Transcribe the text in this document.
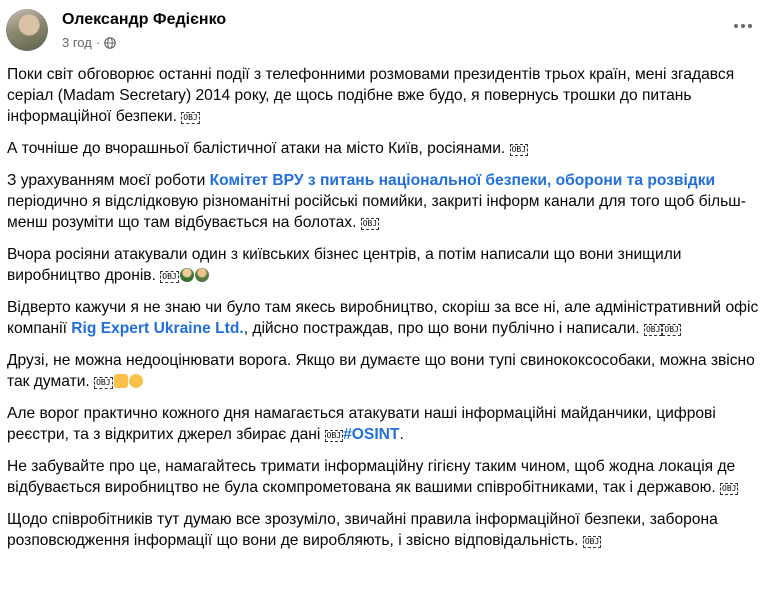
Олександр Федієнко
3 год ·

Поки світ обговорює останні події з телефонними розмовами президентів трьох країн, мені згадався серіал (Madam Secretary) 2014 року, де щось подібне вже будо, я повернусь трошки до питань інформаційної безпеки. OBJ

А точніше до вчорашньої балістичної атаки на місто Київ, росіянами. OBJ

З урахуванням моєї роботи Комітет ВРУ з питань національної безпеки, оборони та розвідки періодично я відслідковую різноманітні російські помийки, закриті інформ канали для того щоб більш-менш розуміти що там відбувається на болотах. OBJ

Вчора росіяни атакували один з київських бізнес центрів, а потім написали що вони знищили виробництво дронів. OBJ

Відверто кажучи я не знаю чи було там якесь виробництво, скоріш за все ні, але адміністративний офіс компанії Rig Expert Ukraine Ltd., дійсно постраждав, про що вони публічно і написали. OBJ OBJ

Друзі, не можна недооцінювати ворога. Якщо ви думаєте що вони тупі свинококсособаки, можна звісно так думати. OBJ

Але ворог практично кожного дня намагається атакувати наші інформаційні майданчики, цифрові реєстри, та з відкритих джерел збирає дані OBJ #OSINT.

Не забувайте про це, намагайтесь тримати інформаційну гігієну таким чином, щоб жодна локація де відбувається виробництво не була скомпрометована як вашими співробітниками, так і державою. OBJ

Щодо співробітників тут думаю все зрозуміло, звичайні правила інформаційної безпеки, заборона розповсюдження інформації що вони де виробляють, і звісно відповідальність. OBJ
